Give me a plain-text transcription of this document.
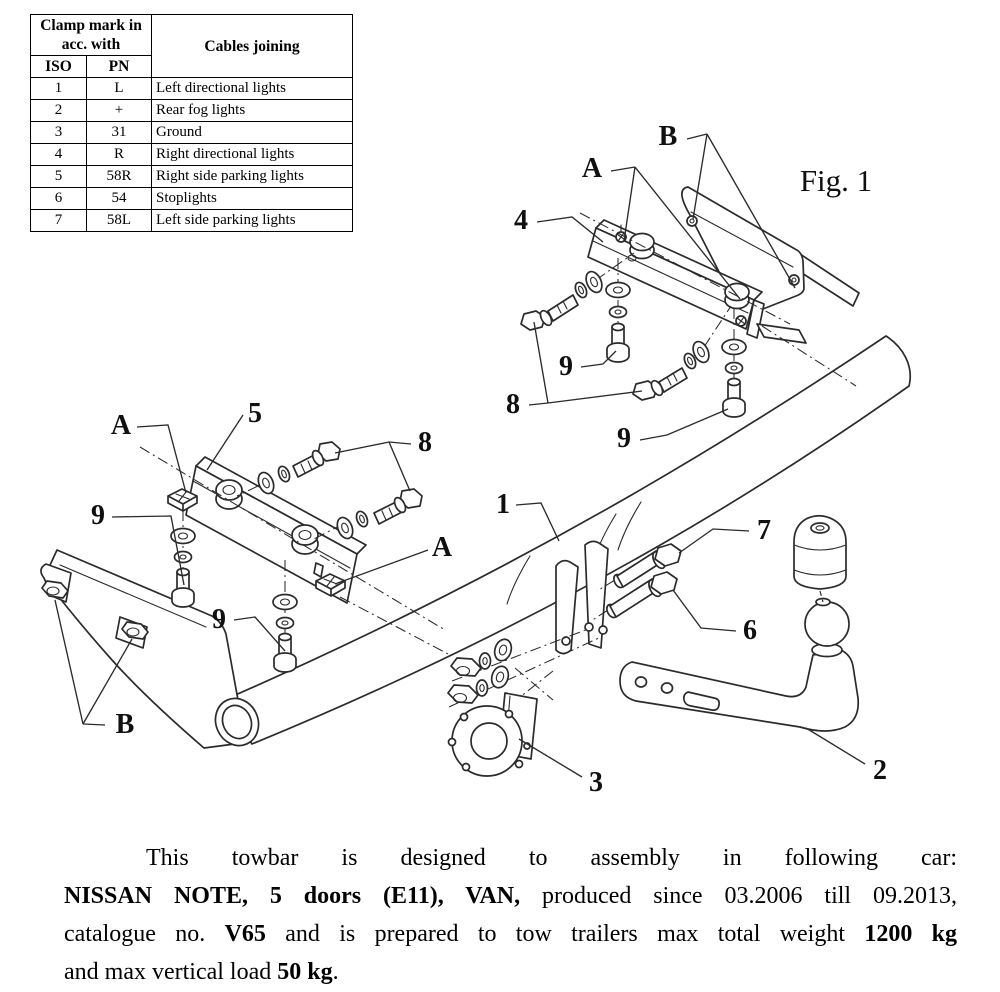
A
B
4
9
8
9
5
8
A
9
A
9
B
1
7
6
3	2
Fig. 1
Clamp mark in acc. with		Cables joining
ISO	PN	
1	L	Left directional lights
2	+	Rear fog lights
3	31	Ground
4	R	Right directional lights
5	58R	Right side parking lights
6	54	Stoplights
7	58L	Left side parking lights
This towbar is designed to assembly in following car:
NISSAN NOTE, 5 doors (E11), VAN, produced since 03.2006 till 09.2013,
catalogue no. V65 and is prepared to tow trailers max total weight 1200 kg
and max vertical load 50 kg.
